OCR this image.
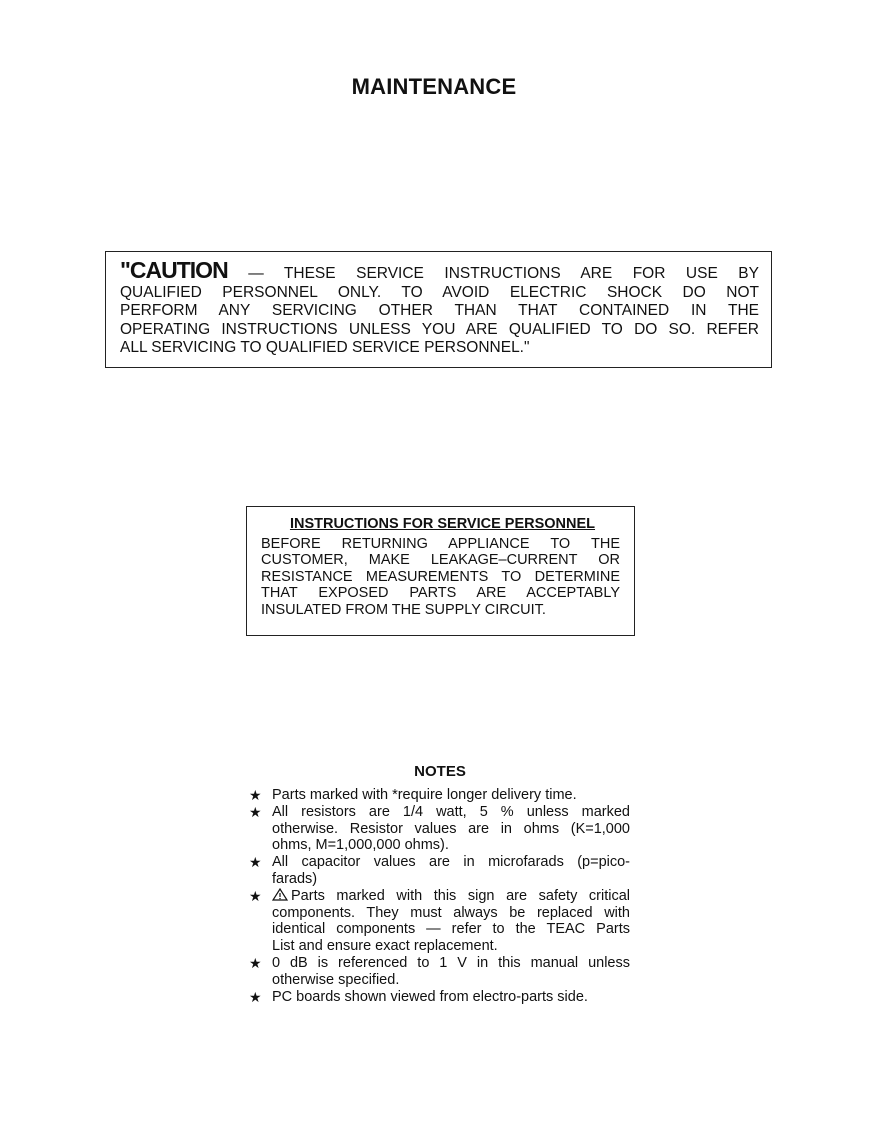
MAINTENANCE
"CAUTION — THESE SERVICE INSTRUCTIONS ARE FOR USE BY
QUALIFIED PERSONNEL ONLY. TO AVOID ELECTRIC SHOCK DO NOT
PERFORM ANY SERVICING OTHER THAN THAT CONTAINED IN THE
OPERATING INSTRUCTIONS UNLESS YOU ARE QUALIFIED TO DO SO. REFER
ALL SERVICING TO QUALIFIED SERVICE PERSONNEL."
INSTRUCTIONS FOR SERVICE PERSONNEL
BEFORE RETURNING APPLIANCE TO THE
CUSTOMER, MAKE LEAKAGE–CURRENT OR
RESISTANCE MEASUREMENTS TO DETERMINE
THAT EXPOSED PARTS ARE ACCEPTABLY
INSULATED FROM THE SUPPLY CIRCUIT.
NOTES
★ Parts marked with *require longer delivery time.
★ All resistors are 1/4 watt, 5 % unless marked
otherwise. Resistor values are in ohms (K=1,000
ohms, M=1,000,000 ohms).
★ All capacitor values are in microfarads (p=pico-
farads)
★	Parts marked with this sign are safety critical
components. They must always be replaced with
identical components — refer to the TEAC Parts
List and ensure exact replacement.
★ 0 dB is referenced to 1 V in this manual unless
otherwise specified.
★ PC boards shown viewed from electro-parts side.
